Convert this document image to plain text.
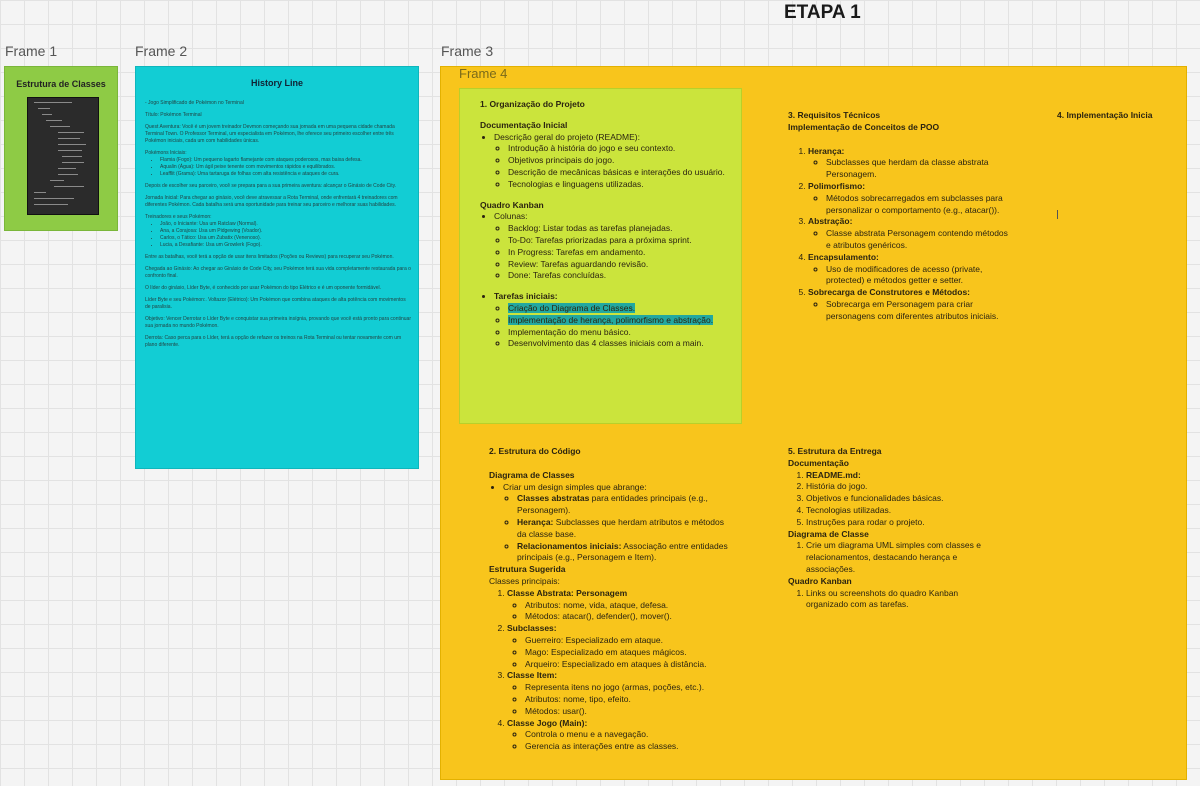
ETAPA 1
Frame 1	Frame 2	Frame 3
Estrutura de Classes	History Line

- Jogo Simplificado de Pokémon no Terminal

Título: Pokémon Terminal

Quest Aventura: Você é um jovem treinador Devmon começando sua jornada em uma pequena cidade chamada Terminal Town. O Professor Terminal, um especialista em Pokémon, lhe oferece seu primeiro escolher entre três Pokémon iniciais, cada um com habilidades únicas.

Pokémons Iniciais:
• Flamia (Fogo): Um pequeno lagarto flamejante com ataques poderosos, mas baixa defesa.
• Aqualin (Água): Um ágil peixe tenente com movimentos rápidos e equilibrados.
• Leafflit (Grama): Uma tartaruga de folhas com alta resistência e ataques de cura.

Depois de escolher seu parceiro, você se prepara para a sua primeira aventura: alcançar o Ginásio de Code City.

Jornada Inicial: Para chegar ao ginásio, você deve atravessar a Rota Terminal, onde enfrentará 4 treinadores com diferentes Pokémon. Cada batalha será uma oportunidade para treinar seu parceiro e melhorar suas habilidades.

Treinadores e seus Pokémon:
• João, o Iniciante: Usa um Ratclaw (Normal).
• Ana, a Corajosa: Usa um Pidgewing (Voador).
• Carlos, o Tático: Usa um Zubatix (Venenoso).
• Lucia, a Desafiante: Usa um Growlerk (Fogo).

Entre as batalhas, você terá a opção de usar itens limitados (Poções ou Reviews) para recuperar seu Pokémon.

Chegada ao Ginásio: Ao chegar ao Ginásio de Code City, seu Pokémon terá sua vida completamente restaurada para o confronto final.

O líder do ginásio, Líder Byte, é conhecido por usar Pokémon do tipo Elétrico e é um oponente formidável.

Líder Byte e seu Pokémon:. Voltazor (Elétrico): Um Pokémon que combina ataques de alta potência com movimentos de paralisia.

Objetivo: Vencer Derrotar o Líder Byte e conquistar sua primeira insígnia, provando que você está pronto para continuar sua jornada no mundo Pokémon.

Derrota: Caso perca para o Líder, terá a opção de refazer os treinos na Rota Terminal ou tentar novamente com um plano diferente.

Frame 4
1. Organização do Projeto
Documentação Inicial
• Descrição geral do projeto (README):
◦ Introdução à história do jogo e seu contexto.
◦ Objetivos principais do jogo.
◦ Descrição de mecânicas básicas e interações do usuário.
◦ Tecnologias e linguagens utilizadas.
Quadro Kanban
• Colunas:
◦ Backlog: Listar todas as tarefas planejadas.
◦ To-Do: Tarefas priorizadas para a próxima sprint.
◦ In Progress: Tarefas em andamento.
◦ Review: Tarefas aguardando revisão.
◦ Done: Tarefas concluídas.
• Tarefas iniciais:
◦ Criação do Diagrama de Classes.
◦ Implementação de herança, polimorfismo e abstração.
◦ Implementação do menu básico.
◦ Desenvolvimento das 4 classes iniciais com a main.
2. Estrutura do Código
Diagrama de Classes
• Criar um design simples que abrange:
◦ Classes abstratas para entidades principais (e.g., Personagem).
◦ Herança: Subclasses que herdam atributos e métodos da classe base.
◦ Relacionamentos iniciais: Associação entre entidades principais (e.g., Personagem e Item).
Estrutura Sugerida
Classes principais:
1. Classe Abstrata: Personagem
◦ Atributos: nome, vida, ataque, defesa.
◦ Métodos: atacar(), defender(), mover().
2. Subclasses:
◦ Guerreiro: Especializado em ataque.
◦ Mago: Especializado em ataques mágicos.
◦ Arqueiro: Especializado em ataques à distância.
3. Classe Item:
◦ Representa itens no jogo (armas, poções, etc.).
◦ Atributos: nome, tipo, efeito.
◦ Métodos: usar().
4. Classe Jogo (Main):
◦ Controla o menu e a navegação.
◦ Gerencia as interações entre as classes.
3. Requisitos Técnicos
Implementação de Conceitos de POO
1. Herança:
◦ Subclasses que herdam da classe abstrata Personagem.
2. Polimorfismo:
◦ Métodos sobrecarregados em subclasses para personalizar o comportamento (e.g., atacar()).
3. Abstração:
◦ Classe abstrata Personagem contendo métodos e atributos genéricos.
4. Encapsulamento:
◦ Uso de modificadores de acesso (private, protected) e métodos getter e setter.
5. Sobrecarga de Construtores e Métodos:
◦ Sobrecarga em Personagem para criar personagens com diferentes atributos iniciais.
4. Implementação Inicia
5. Estrutura da Entrega
Documentação
1. README.md:
2. História do jogo.
3. Objetivos e funcionalidades básicas.
4. Tecnologias utilizadas.
5. Instruções para rodar o projeto.
Diagrama de Classe
1. Crie um diagrama UML simples com classes e relacionamentos, destacando herança e associações.
Quadro Kanban
1. Links ou screenshots do quadro Kanban organizado com as tarefas.
